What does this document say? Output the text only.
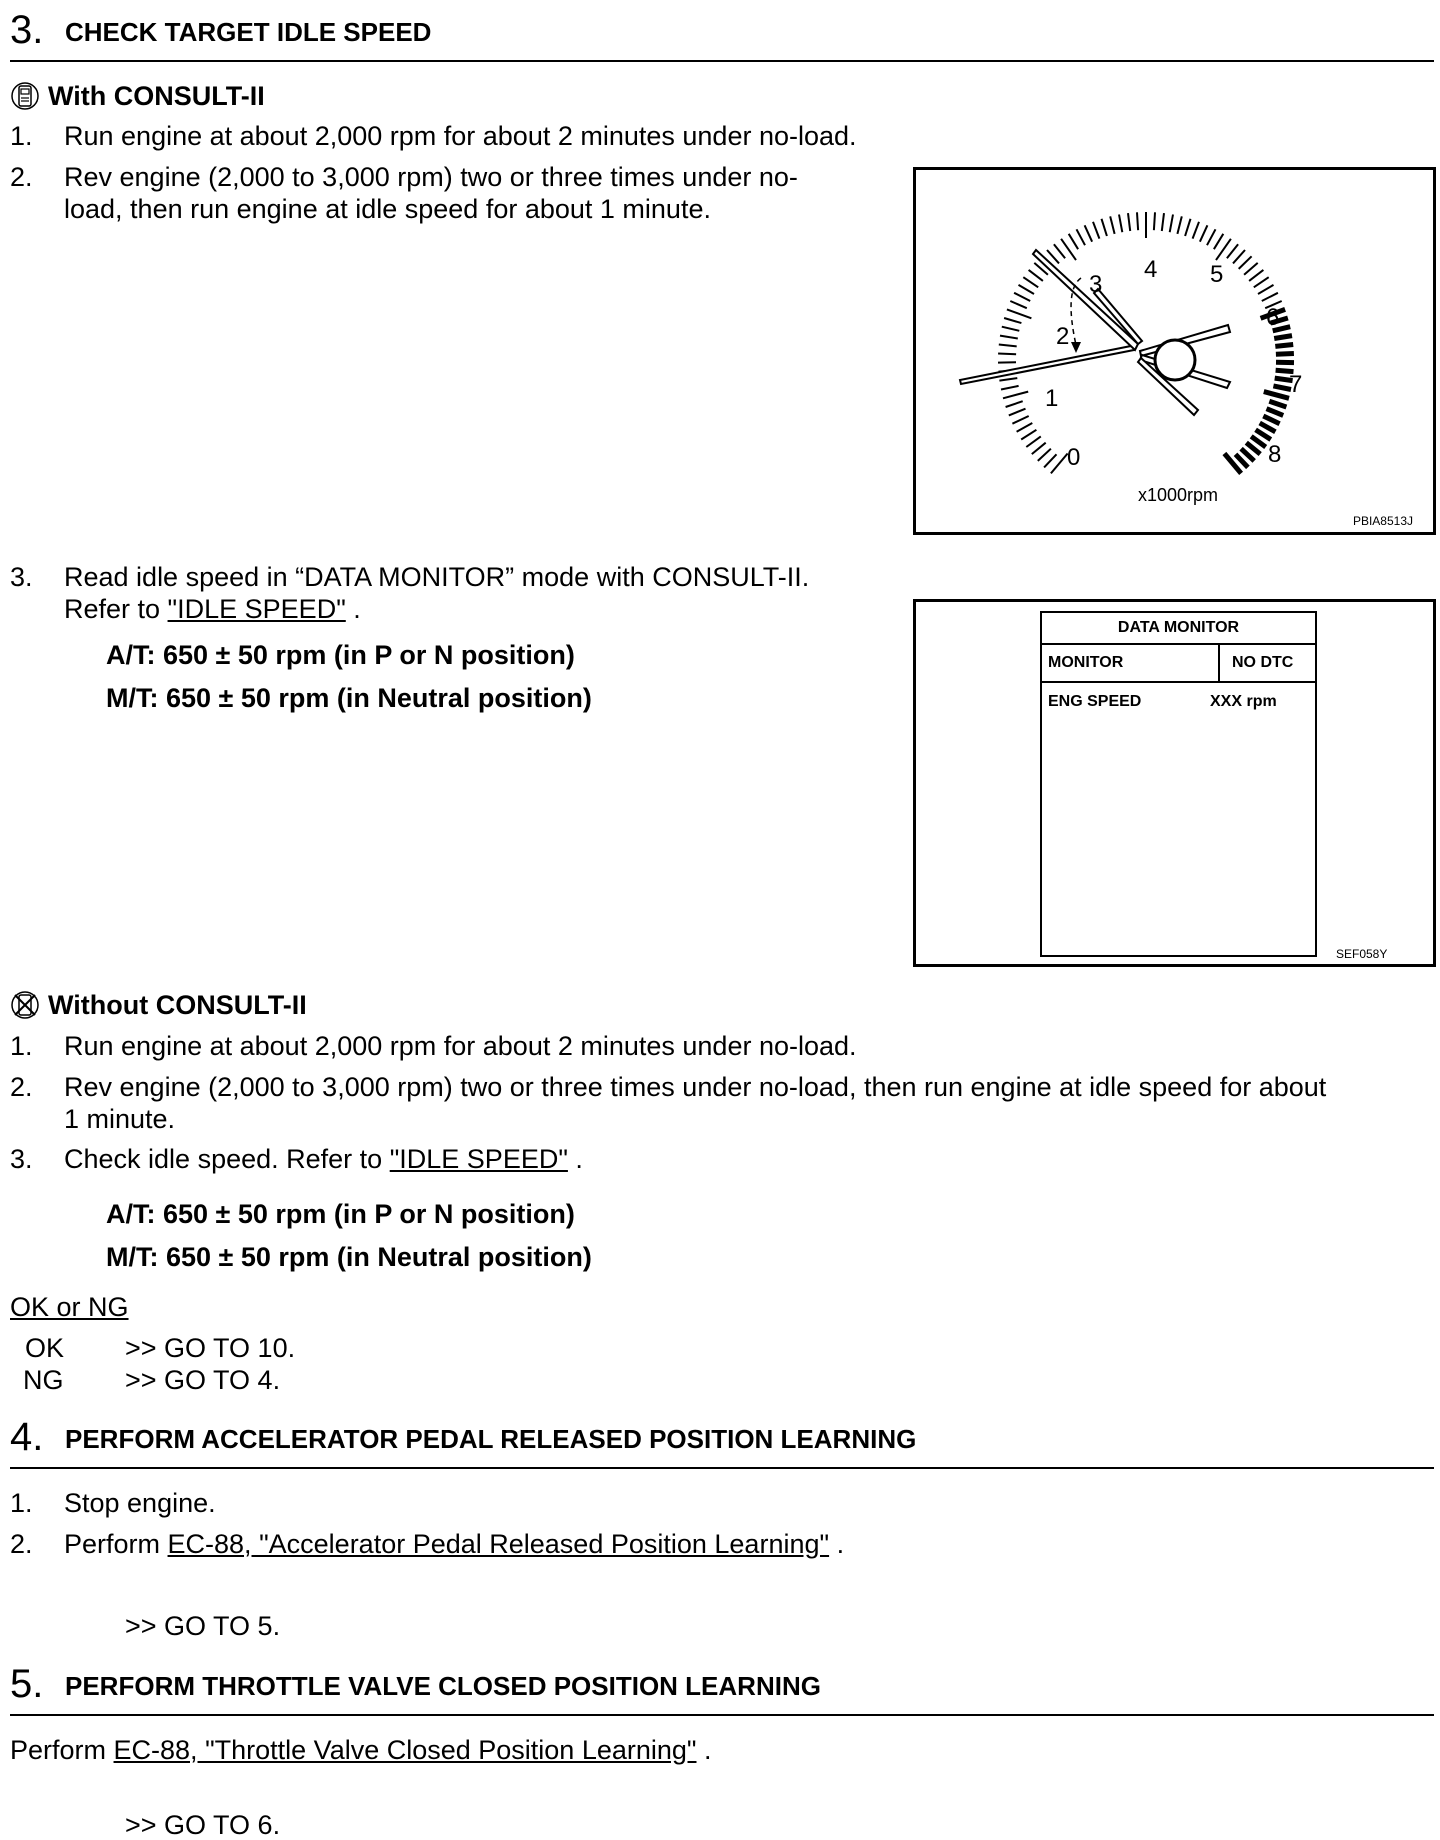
3. CHECK TARGET IDLE SPEED
With CONSULT-II
1. Run engine at about 2,000 rpm for about 2 minutes under no-load.
2. Rev engine (2,000 to 3,000 rpm) two or three times under no-
load, then run engine at idle speed for about 1 minute.
0
1
2
3
4 5
6
7
8
x1000rpm
PBIA8513J
3. Read idle speed in “DATA MONITOR” mode with CONSULT-II.
Refer to "IDLE SPEED" .
A/T: 650 ± 50 rpm (in P or N position)
M/T: 650 ± 50 rpm (in Neutral position)
DATA MONITOR
MONITOR	NO DTC
ENG SPEED	XXX rpm
SEF058Y
Without CONSULT-II
1. Run engine at about 2,000 rpm for about 2 minutes under no-load.
2. Rev engine (2,000 to 3,000 rpm) two or three times under no-load, then run engine at idle speed for about
1 minute.
3. Check idle speed. Refer to "IDLE SPEED" .
A/T: 650 ± 50 rpm (in P or N position)
M/T: 650 ± 50 rpm (in Neutral position)
OK or NG
OK >> GO TO 10.
NG >> GO TO 4.
4. PERFORM ACCELERATOR PEDAL RELEASED POSITION LEARNING
1. Stop engine.
2. Perform EC-88, "Accelerator Pedal Released Position Learning" .
>> GO TO 5.
5. PERFORM THROTTLE VALVE CLOSED POSITION LEARNING
Perform EC-88, "Throttle Valve Closed Position Learning" .
>> GO TO 6.
